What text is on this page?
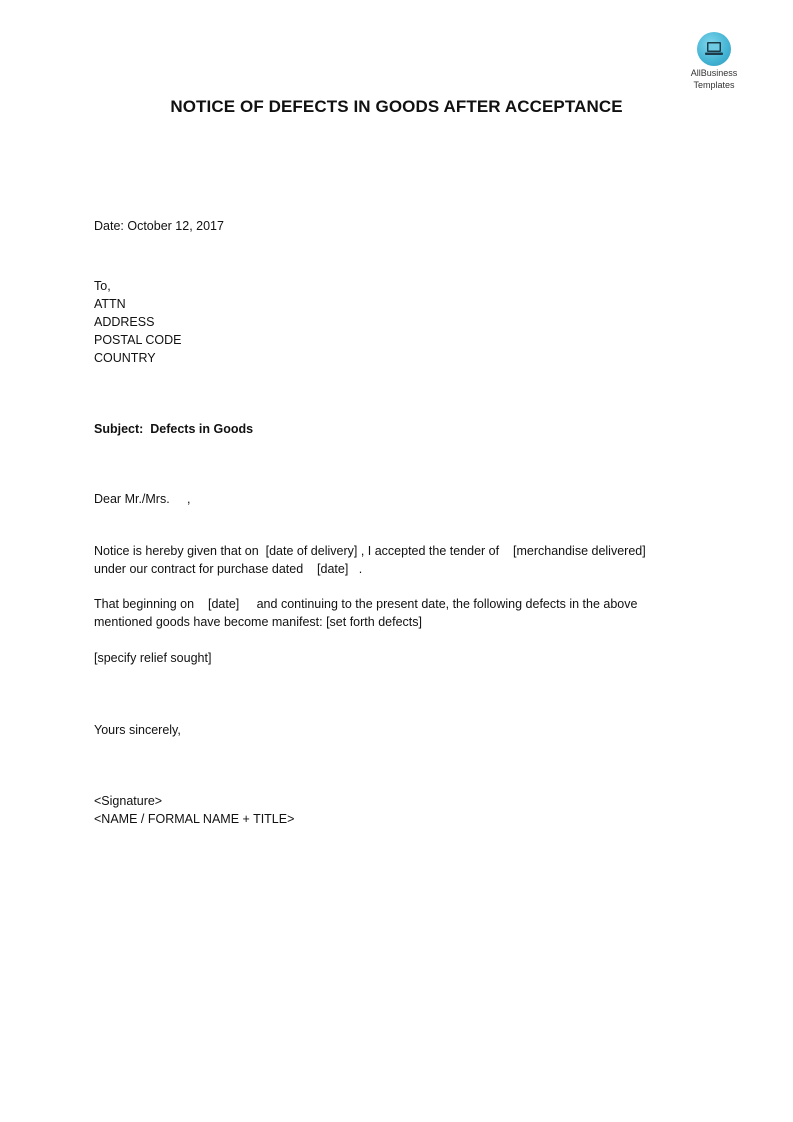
AllBusiness
Templates
NOTICE OF DEFECTS IN GOODS AFTER ACCEPTANCE
Date: October 12, 2017
To,
ATTN
ADDRESS
POSTAL CODE
COUNTRY
Subject:  Defects in Goods
Dear Mr./Mrs.     ,
Notice is hereby given that on  [date of delivery] , I accepted the tender of    [merchandise delivered]
under our contract for purchase dated    [date]   .
That beginning on    [date]     and continuing to the present date, the following defects in the above
mentioned goods have become manifest: [set forth defects]
[specify relief sought]
Yours sincerely,
<Signature>
<NAME / FORMAL NAME + TITLE>
